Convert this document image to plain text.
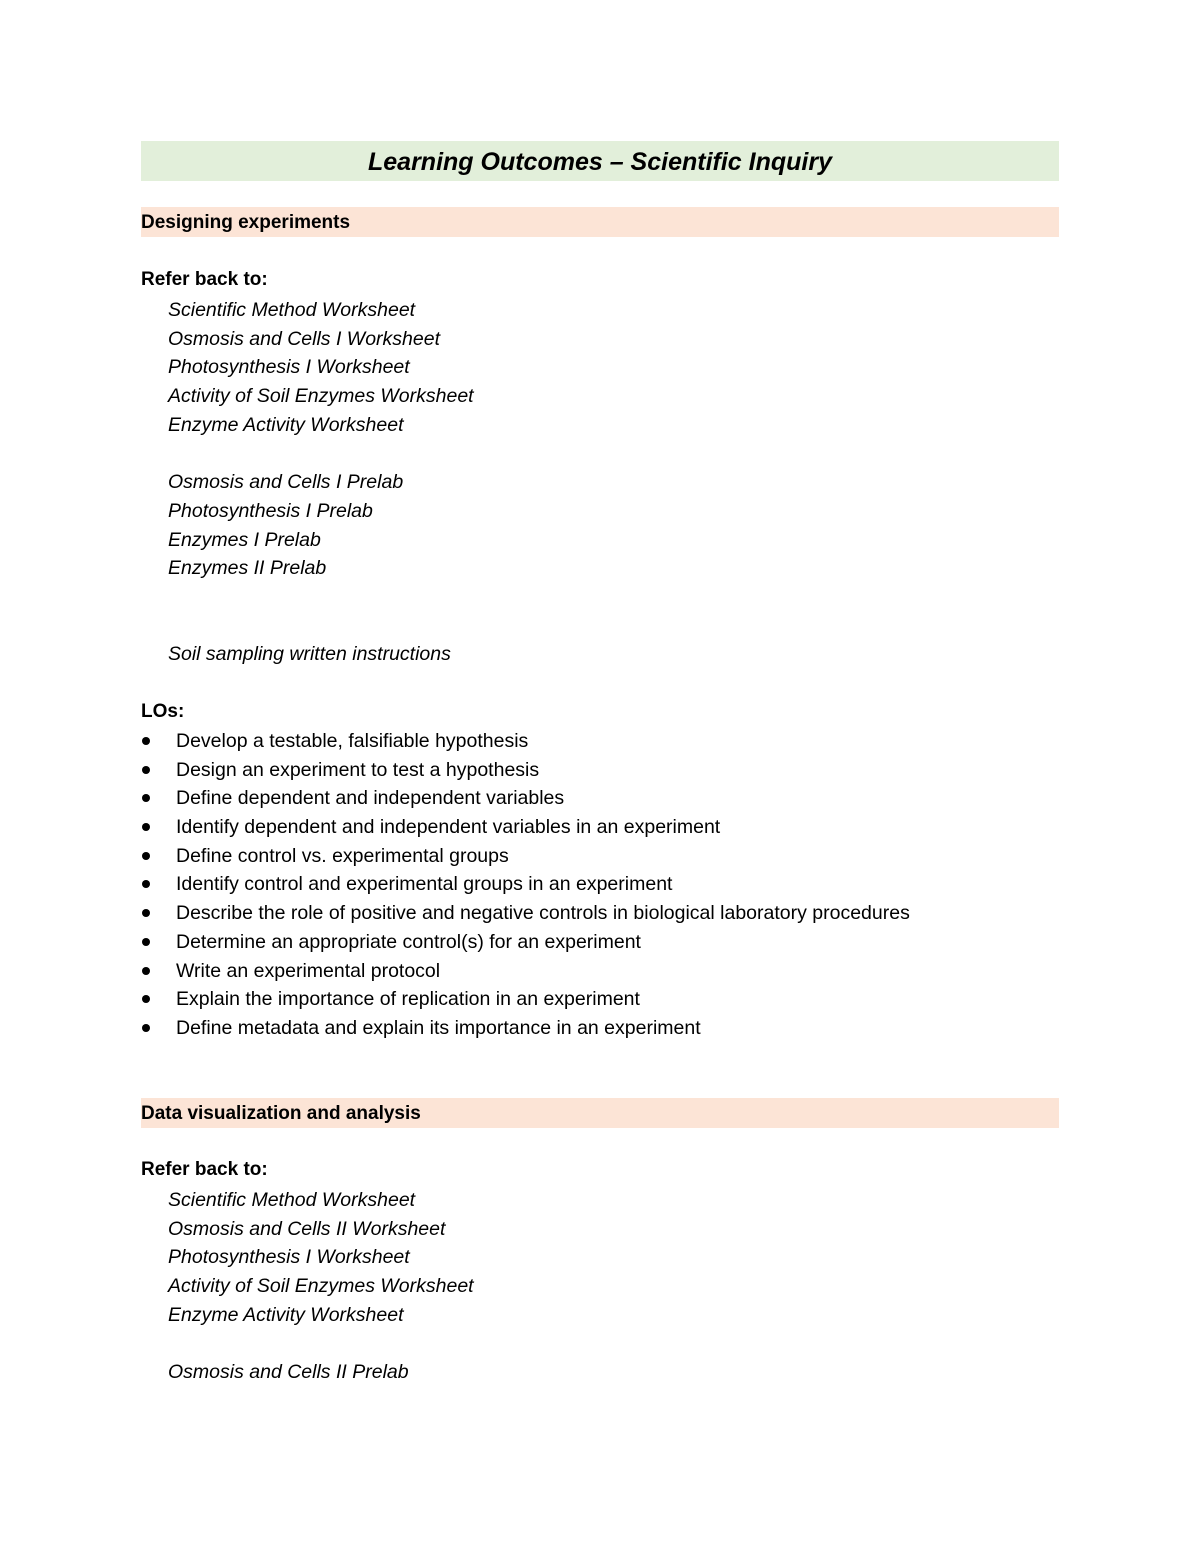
Learning Outcomes – Scientific Inquiry
Designing experiments
Refer back to:
Scientific Method Worksheet
Osmosis and Cells I Worksheet
Photosynthesis I Worksheet
Activity of Soil Enzymes Worksheet
Enzyme Activity Worksheet
Osmosis and Cells I Prelab
Photosynthesis I Prelab
Enzymes I Prelab
Enzymes II Prelab
Soil sampling written instructions
LOs:
Develop a testable, falsifiable hypothesis
Design an experiment to test a hypothesis
Define dependent and independent variables
Identify dependent and independent variables in an experiment
Define control vs. experimental groups
Identify control and experimental groups in an experiment
Describe the role of positive and negative controls in biological laboratory procedures
Determine an appropriate control(s) for an experiment
Write an experimental protocol
Explain the importance of replication in an experiment
Define metadata and explain its importance in an experiment
Data visualization and analysis
Refer back to:
Scientific Method Worksheet
Osmosis and Cells II Worksheet
Photosynthesis I Worksheet
Activity of Soil Enzymes Worksheet
Enzyme Activity Worksheet
Osmosis and Cells II Prelab
